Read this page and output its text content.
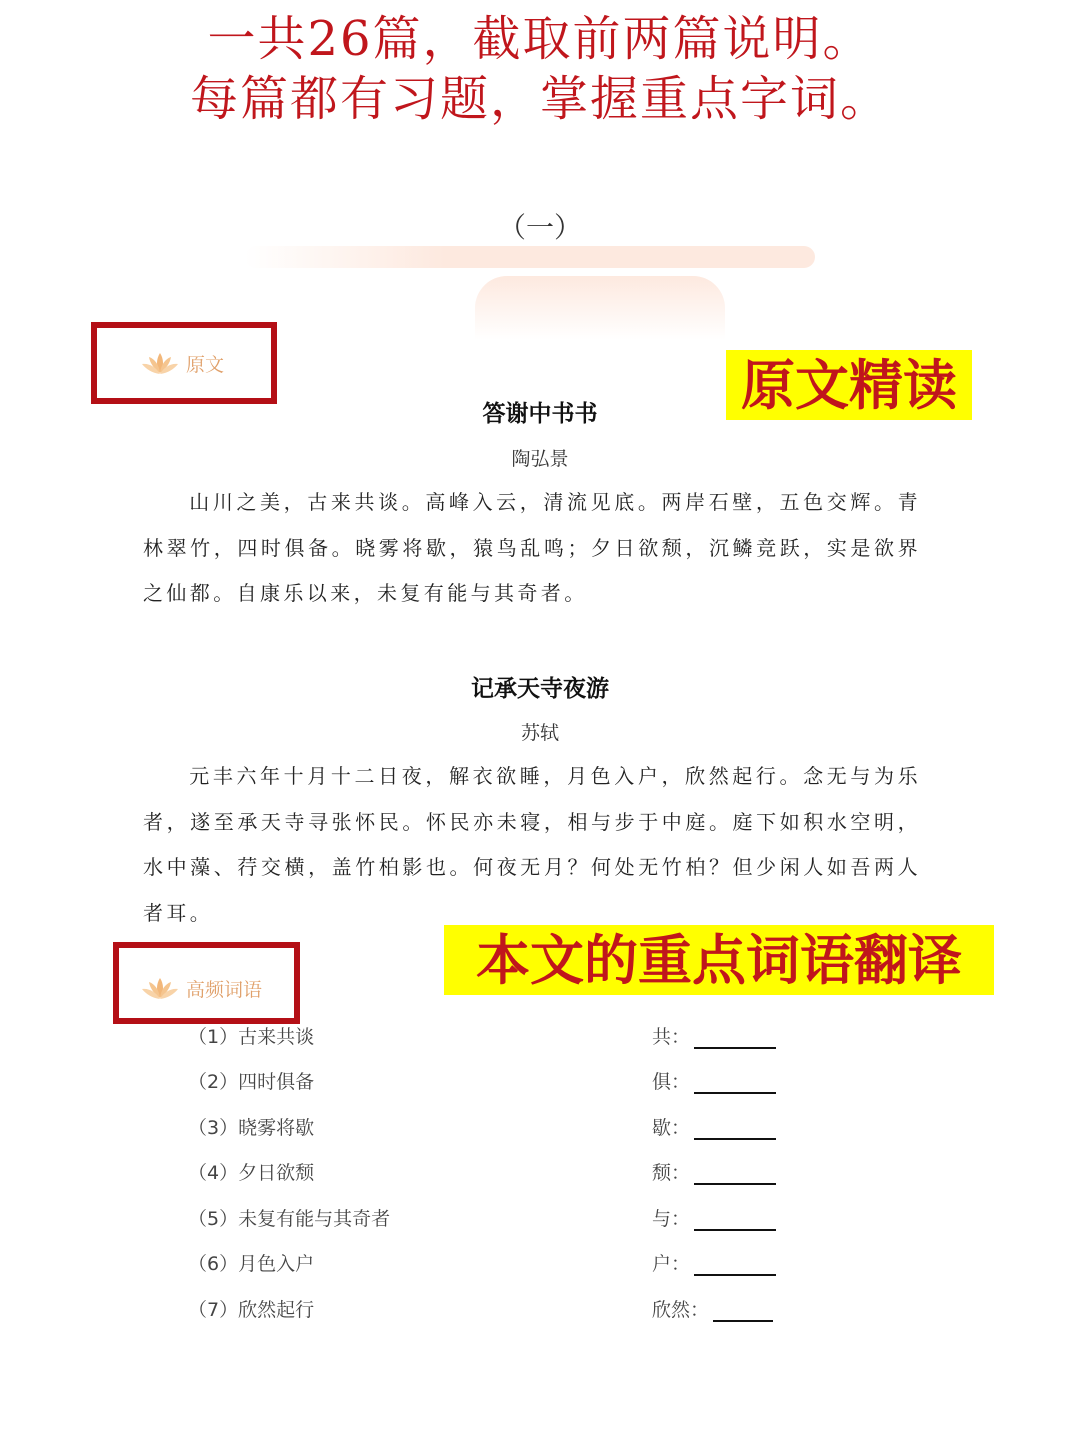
一共26篇，截取前两篇说明。
每篇都有习题，掌握重点字词。
（一）
原文	原文精读
答谢中书书
陶弘景
山川之美，古来共谈。高峰入云，清流见底。两岸石壁，五色交辉。青林翠竹，四时俱备。晓雾将歇，猿鸟乱鸣；夕日欲颓，沉鳞竞跃，实是欲界之仙都。自康乐以来，未复有能与其奇者。
记承天寺夜游
苏轼
元丰六年十月十二日夜，解衣欲睡，月色入户，欣然起行。念无与为乐者，遂至承天寺寻张怀民。怀民亦未寝，相与步于中庭。庭下如积水空明，水中藻、荇交横，盖竹柏影也。何夜无月？何处无竹柏？但少闲人如吾两人者耳。
高频词语	本文的重点词语翻译
（1）古来共谈	共：
（2）四时俱备	俱：
（3）晓雾将歇	歇：
（4）夕日欲颓	颓：
（5）未复有能与其奇者	与：
（6）月色入户	户：
（7）欣然起行	欣然：
